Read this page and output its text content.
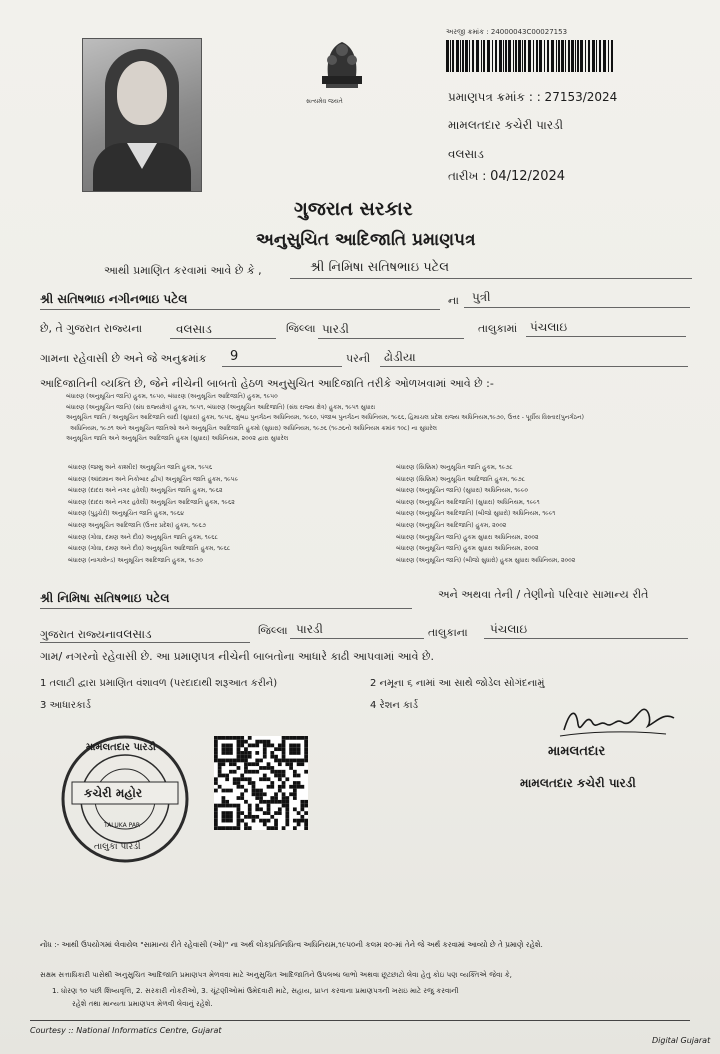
સત્યમેવ જયતે
અરજી ક્રમાંક : 24000043C00027153
પ્રમાણપત્ર ક્રમાંક : : 27153/2024
મામલતદાર કચેરી પારડી
વલસાડ
તારીખ : 04/12/2024
ગુજરાત સરકાર
અનુસુચિત આદિજાતિ પ્રમાણપત્ર
આથી પ્રમાણિત કરવામાં આવે છે કે ,	શ્રી નિમિષા સતિષભાઇ પટેલ
શ્રી સતિષભાઇ નગીનભાઇ પટેલ	ના પુત્રી
છે, તે ગુજરાત રાજ્યના	વલસાડ	જિલ્લા પારડી	તાલુકામાં પંચલાઇ
ગામના રહેવાસી છે અને જે અનુક્રમાંક 9	પરની ઢોડીયા
આદિજાતિની વ્યક્તિ છે, જેને નીચેની બાબતો હેઠળ અનુસુચિત આદિજાતિ તરીકે ઓળખવામાં આવે છે :-
બંધારણ (અનુસૂચિત જાતિ) હુકમ, ૧૯૫૦, બંધારણ (અનુસૂચિત આદિજાતિ) હુકમ, ૧૯૫૦
બંધારણ (અનુસૂચિત જાતિ) (સંઘ રાજ્યક્ષેત્ર) હુકમ, ૧૯૫૧, બંધારણ (અનુસૂચિત આદિજાતિ) (સંઘ રાજ્ય ક્ષેત્ર) હુકમ, ૧૯૫૧ સુધારા
અનુસૂચિત જાતિ / અનુસૂચિત આદિજાતિ યાદી (સુધારા) હુકમ, ૧૯૫૬, મુંબઇ પુનર્ગઠન અધિનિયમ, ૧૯૬૦, પંજાબ પુનર્ગઠન અધિનિયમ, ૧૯૬૬, હિમાચલ પ્રદેશ રાજ્ય અધિનિયમ,૧૯૭૦, ઉત્તર - પૂર્વીય વિસ્તાર(પુનર્ગઠન)
અધિનિયમ, ૧૯૭૧ અને અનુસૂચિત જાતિઓ અને અનુસૂચિત આદિજાતિ હુકમો (સુધારા) અધિનિયમ, ૧૯૭૬ (૧૯૭૬નો અધિનિયમ ક્રમાંક ૧૦૮) ના સુધારેલ
અનુસૂચિત જાતિ અને અનુસૂચિત આદિજાતિ હુકમ (સુધારા) અધિનિયમ, ૨૦૦૨ દ્વારા સુધારેલ
બંધારણ (જમ્મુ અને કાશ્મીર) અનુસૂચિત જાતિ હુકમ, ૧૯૫૬
બંધારણ (આંદામાન અને નિકોબાર દ્વીપ) અનુસૂચિત જાતિ હુકમ, ૧૯૫૯
બંધારણ (દાદરા અને નગર હવેલી) અનુસૂચિત જાતિ હુકમ, ૧૯૬૨
બંધારણ (દાદરા અને નગર હવેલી) અનુસૂચિત આદિજાતિ હુકમ, ૧૯૬૨
બંધારણ (પુડુચેરી) અનુસૂચિત જાતિ હુકમ, ૧૯૬૪
બંધારણ અનુસૂચિત આદિજાતિ (ઉત્તર પ્રદેશ) હુકમ, ૧૯૬૭
બંધારણ (ગોવા, દમણ અને દીવ) અનુસૂચિત જાતિ હુકમ, ૧૯૬૮
બંધારણ (ગોવા, દમણ અને દીવ) અનુસૂચિત આદિજાતિ હુકમ, ૧૯૬૮
બંધારણ (નાગાલેન્ડ) અનુસૂચિત આદિજાતિ હુકમ, ૧૯૭૦
બંધારણ (સિક્કિમ) અનુસૂચિત જાતિ હુકમ, ૧૯૭૮
બંધારણ (સિક્કિમ) અનુસૂચિત આદિજાતિ હુકમ, ૧૯૭૮
બંધારણ (અનુસૂચિત જાતિ) (સુધારા) અધિનિયમ, ૧૯૯૦
બંધારણ (અનુસૂચિત આદિજાતિ) (સુધારા) અધિનિયમ, ૧૯૯૧
બંધારણ (અનુસૂચિત આદિજાતિ) (બીજો સુધારો) અધિનિયમ, ૧૯૯૧
બંધારણ (અનુસૂચિત આદિજાતિ) હુકમ, ૨૦૦૨
બંધારણ (અનુસૂચિત જાતિ) હુકમ સુધારા અધિનિયમ, ૨૦૦૨
બંધારણ (અનુસૂચિત જાતિ) હુકમ સુધારા અધિનિયમ, ૨૦૦૨
બંધારણ (અનુસૂચિત જાતિ) (બીજો સુધારો) હુકમ સુધારા અધિનિયમ, ૨૦૦૨
શ્રી નિમિષા સતિષભાઇ પટેલ	અને અથવા તેની / તેણીનો પરિવાર સામાન્ય રીતે
ગુજરાત રાજ્યનાવલસાડ	જિલ્લા પારડી	તાલુકાના પંચલાઇ
ગામ/ નગરનો રહેવાસી છે. આ પ્રમાણપત્ર નીચેની બાબતોના આધારે કાઢી આપવામાં આવે છે.
1 તલાટી દ્વારા પ્રમાણિત વંશાવળ (પરદાદાથી શરૂઆત કરીને)	2 નમૂના ૬ નામાં આ સાથે જોડેલ સોગંદનામું
3 આધારકાર્ડ	4 રેશન કાર્ડ
મામલતદાર પારડી
કચેરી મહોર
TALUKA PAR
તાલુકા પારડી
મામલતદાર
મામલતદાર કચેરી પારડી
નોંધ :- આથી ઉપયોગમાં લેવાયેલ "સામાન્ય રીતે રહેવાસી (ઓ)" ના અર્થ લોકપ્રતિનિધિત્વ અધિનિયમ,૧૯૫૦ની કલમ ૨૦-માં તેને જે અર્થ કરવામાં આવ્યો છે તે પ્રમાણે રહેશે.
સક્ષમ સત્તાધિકારી પાસેથી અનુસુચિત આદિજાતિ પ્રમાણપત્ર મેળવવા માટે અનુસુચિત આદિજાતિને ઉપલબ્ધ લાભો અથવા છૂટછાટો લેવા હેતુ કોઇ પણ વ્યક્તિએ જેવા કે,
1. ધોરણ ૧૦ પછી શિષ્યવૃત્તિ, 2. સરકારી નોકરીઓ, 3. ચૂંટણીઓમાં ઉમેદવારી માટે, સહાય, પ્રાપ્ત કરવાના પ્રમાણપત્રની ખરાઇ માટે રજુ કરવાની
રહેશે તથા માન્યતા પ્રમાણપત્ર મેળવી લેવાનું રહેશે.
Courtesy :: National Informatics Centre, Gujarat
Digital Gujarat
